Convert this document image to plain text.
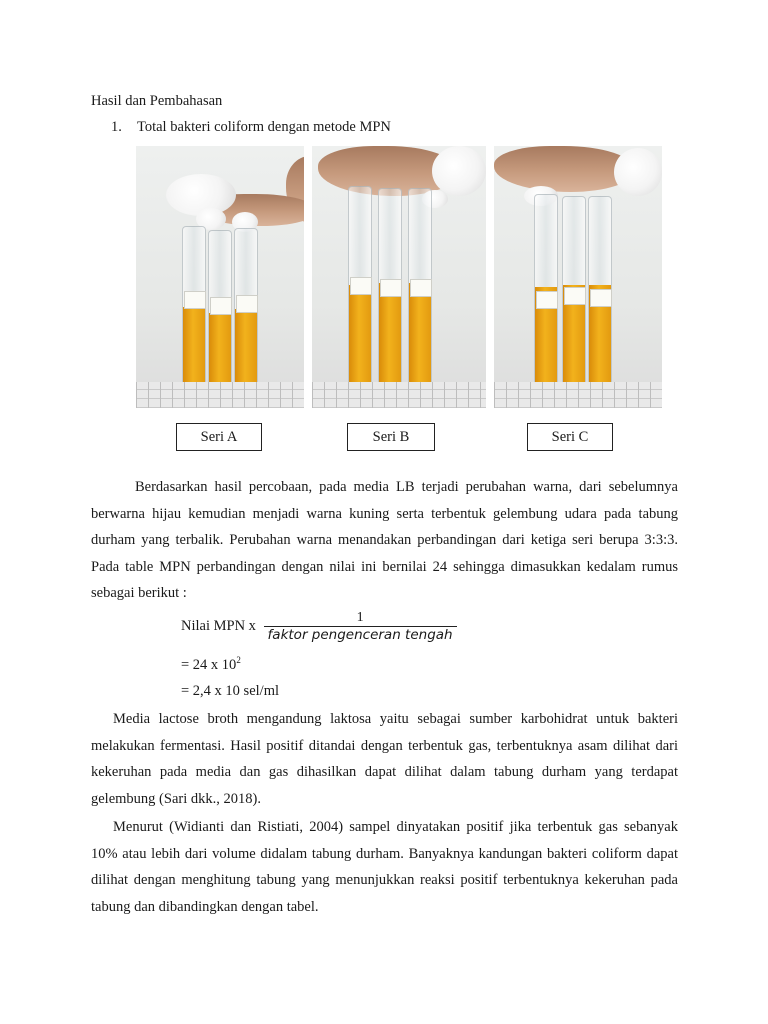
Hasil dan Pembahasan
1. Total bakteri coliform dengan metode MPN
Seri A	Seri B	Seri C

Berdasarkan hasil percobaan, pada media LB terjadi perubahan warna, dari sebelumnya berwarna hijau kemudian menjadi warna kuning serta terbentuk gelembung udara pada tabung durham yang terbalik. Perubahan warna menandakan perbandingan dari ketiga seri berupa 3:3:3. Pada table MPN perbandingan dengan nilai ini bernilai 24 sehingga dimasukkan kedalam rumus sebagai berikut :

Nilai MPN x $\frac{1}{\text{faktor pengenceran tengah}}$
= 24 x $10^2$
= 2,4 x 10 sel/ml

Media lactose broth mengandung laktosa yaitu sebagai sumber karbohidrat untuk bakteri melakukan fermentasi. Hasil positif ditandai dengan terbentuk gas, terbentuknya asam dilihat dari kekeruhan pada media dan gas dihasilkan dapat dilihat dalam tabung durham yang terdapat gelembung (Sari dkk., 2018).

Menurut (Widianti dan Ristiati, 2004) sampel dinyatakan positif jika terbentuk gas sebanyak 10% atau lebih dari volume didalam tabung durham. Banyaknya kandungan bakteri coliform dapat dilihat dengan menghitung tabung yang menunjukkan reaksi positif terbentuknya kekeruhan pada tabung dan dibandingkan dengan tabel.
